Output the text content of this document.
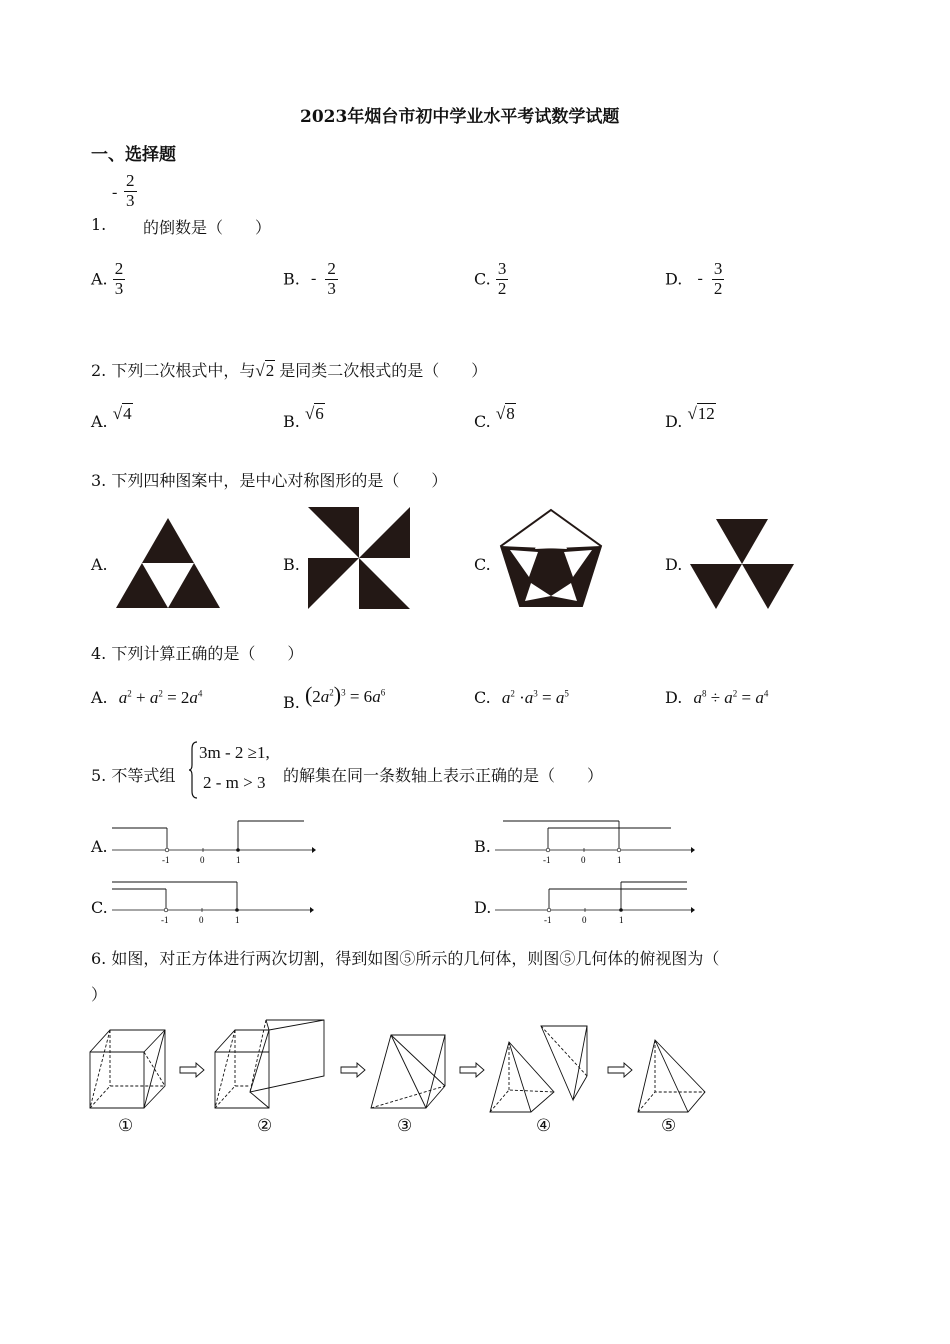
2023年烟台市初中学业水平考试数学试题
一、选择题
1.
- $\frac{2}{3}$
的倒数是（　　）
A. $\frac{2}{3}$	B. - $\frac{2}{3}$	C. $\frac{3}{2}$	D. - $\frac{3}{2}$
2. 下列二次根式中，与√2 是同类二次根式的是（　　）
A. √4	B. √6	C. √8	D. √12
3. 下列四种图案中，是中心对称图形的是（　　）
A.	B.	C.	D.
4. 下列计算正确的是（　　）
A. $a^2 + a^2 = 2a^4$	B. $(2a^2)^3 = 6a^6$	C. $a^2 \cdot a^3 = a^5$	D. $a^8 \div a^2 = a^4$
5. 不等式组
3m - 2 ≥1,
2 - m > 3 的解集在同一条数轴上表示正确的是（　　）
A.	B.
C.	D.
-1	0	1	-1	0	1
-1	0	1	-1	0	1
6. 如图，对正方体进行两次切割，得到如图⑤所示的几何体，则图⑤几何体的俯视图为（
）
①	②	③	④	⑤
